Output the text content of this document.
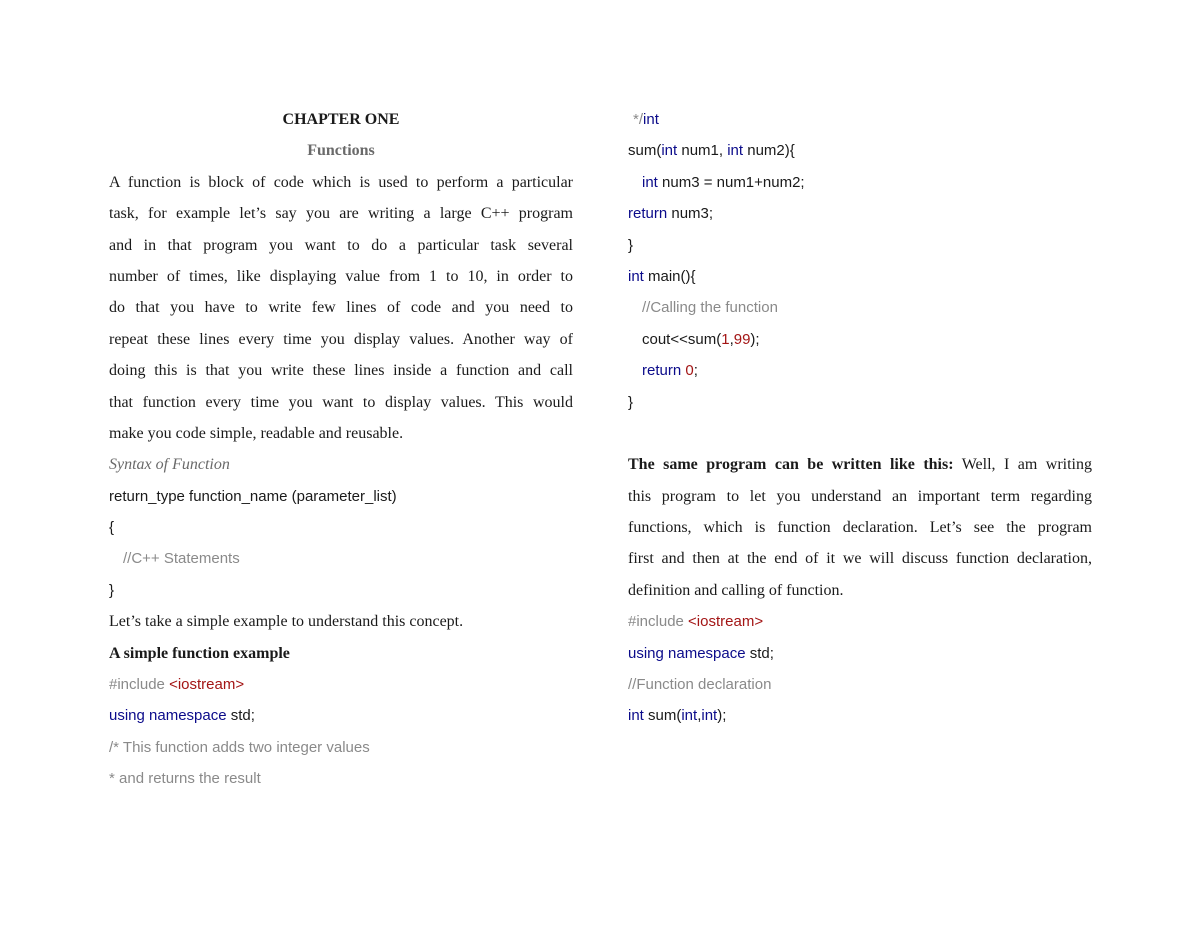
CHAPTER ONE
Functions
A function is block of code which is used to perform a particular
task, for example let’s say you are writing a large C++ program
and in that program you want to do a particular task several
number of times, like displaying value from 1 to 10, in order to
do that you have to write few lines of code and you need to
repeat these lines every time you display values. Another way of
doing this is that you write these lines inside a function and call
that function every time you want to display values. This would
make you code simple, readable and reusable.
Syntax of Function
return_type function_name (parameter_list)
{
//C++ Statements
}
Let’s take a simple example to understand this concept.
A simple function example
#include <iostream>
using namespace std;
/* This function adds two integer values
* and returns the result
*/int
sum(int num1, int num2){
int num3 = num1+num2;
return num3;
}
int main(){
//Calling the function
cout<<sum(1,99);
return 0;
}
The same program can be written like this: Well, I am writing
this program to let you understand an important term regarding
functions, which is function declaration. Let’s see the program
first and then at the end of it we will discuss function declaration,
definition and calling of function.
#include <iostream>
using namespace std;
//Function declaration
int sum(int,int);
